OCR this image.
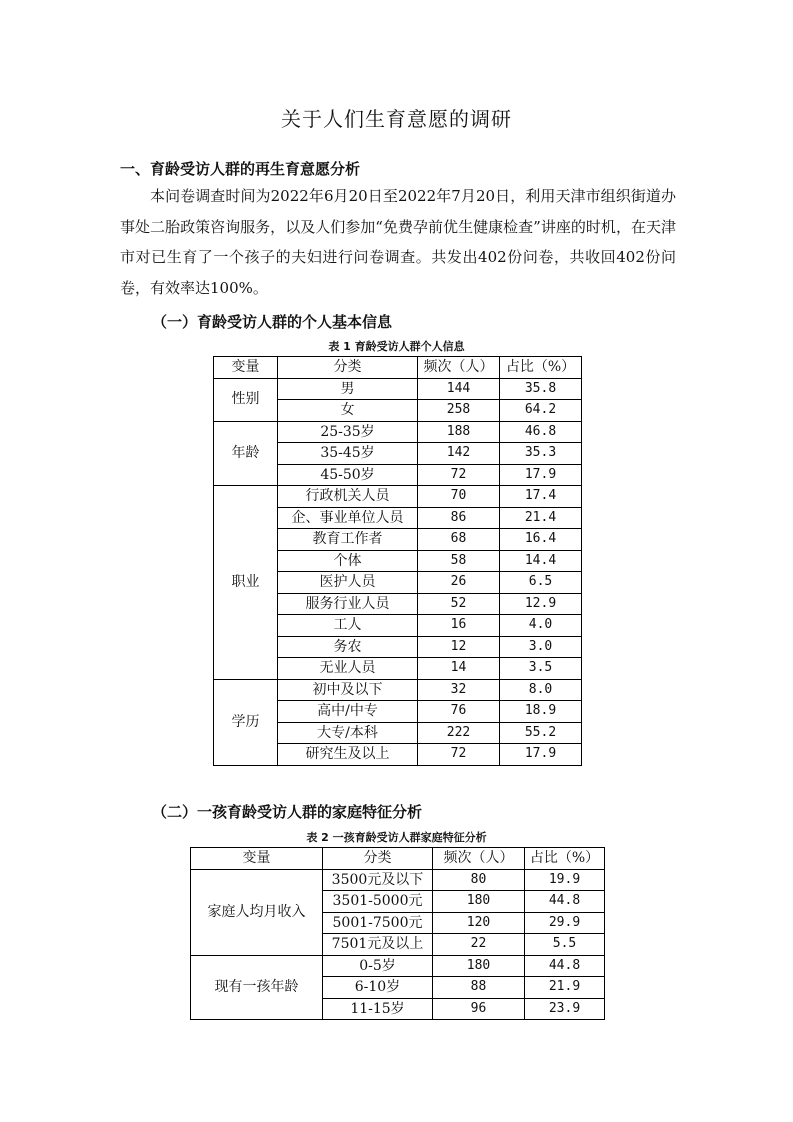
关于人们生育意愿的调研
一、育龄受访人群的再生育意愿分析

本问卷调查时间为2022年6月20日至2022年7月20日，利用天津市组织街道办事处二胎政策咨询服务，以及人们参加“免费孕前优生健康检查”讲座的时机，在天津市对已生育了一个孩子的夫妇进行问卷调查。共发出402份问卷，共收回402份问卷，有效率达100%。

（一）育龄受访人群的个人基本信息
表 1 育龄受访人群个人信息
变量	分类	频次（人）	占比（%）
性别	男	144	35.8
	女	258	64.2
年龄	25-35岁	188	46.8
	35-45岁	142	35.3
	45-50岁	72	17.9
职业	行政机关人员	70	17.4
	企、事业单位人员	86	21.4
	教育工作者	68	16.4
	个体	58	14.4
	医护人员	26	6.5
	服务行业人员	52	12.9
	工人	16	4.0
	务农	12	3.0
	无业人员	14	3.5
学历	初中及以下	32	8.0
	高中/中专	76	18.9
	大专/本科	222	55.2
	研究生及以上	72	17.9
（二）一孩育龄受访人群的家庭特征分析
表 2 一孩育龄受访人群家庭特征分析
变量	分类	频次（人）	占比（%）
家庭人均月收入	3500元及以下	80	19.9
	3501-5000元	180	44.8
	5001-7500元	120	29.9
	7501元及以上	22	5.5
现有一孩年龄	0-5岁	180	44.8
	6-10岁	88	21.9
	11-15岁	96	23.9
